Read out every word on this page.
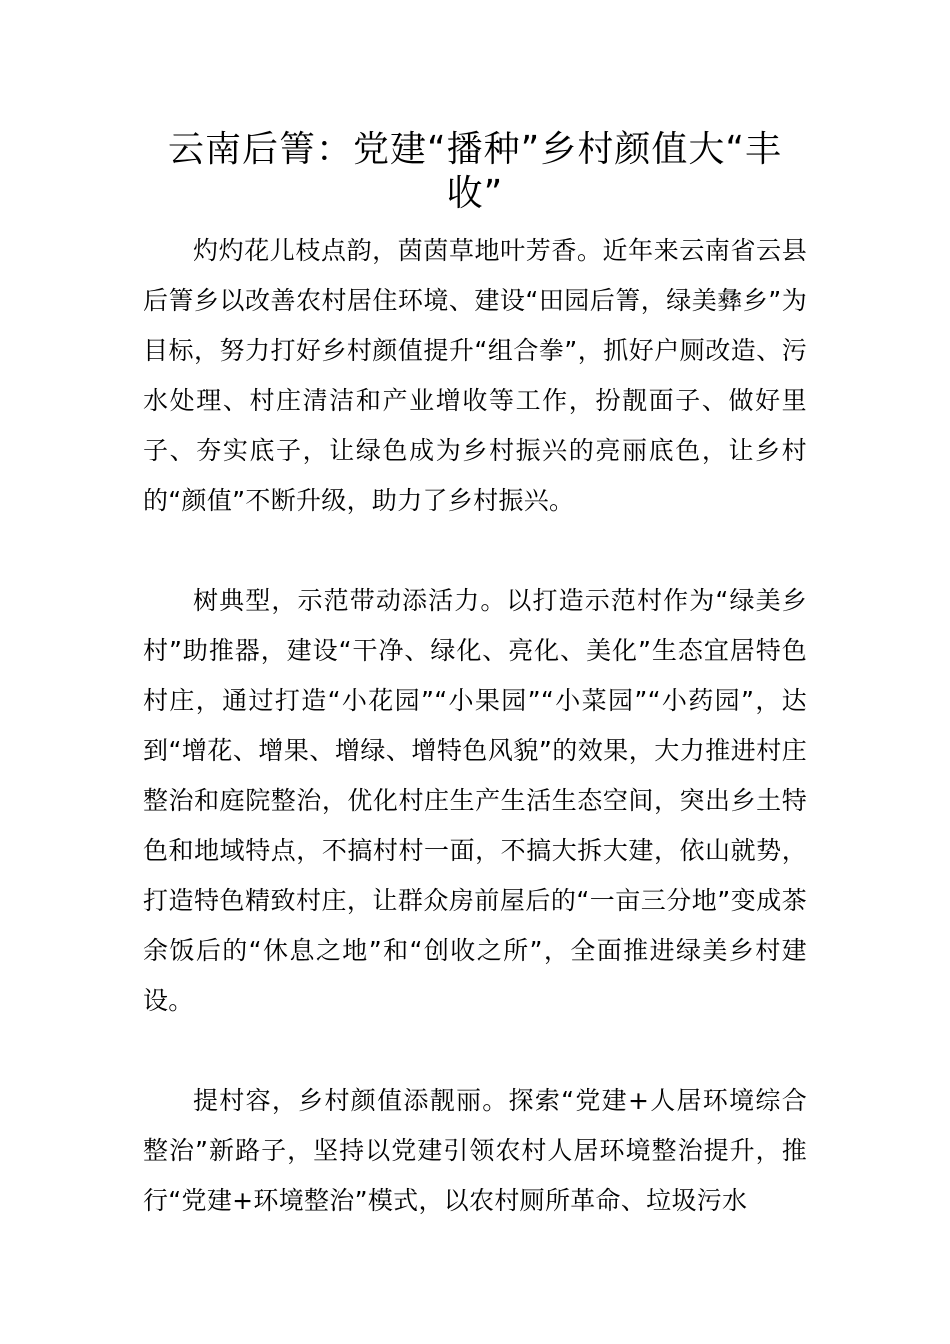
云南后箐：党建“播种”乡村颜值大“丰收”

灼灼花儿枝点韵，茵茵草地叶芳香。近年来云南省云县后箐乡以改善农村居住环境、建设“田园后箐，绿美彝乡”为目标，努力打好乡村颜值提升“组合拳”，抓好户厕改造、污水处理、村庄清洁和产业增收等工作，扮靓面子、做好里子、夯实底子，让绿色成为乡村振兴的亮丽底色，让乡村的“颜值”不断升级，助力了乡村振兴。

树典型，示范带动添活力。以打造示范村作为“绿美乡村”助推器，建设“干净、绿化、亮化、美化”生态宜居特色村庄，通过打造“小花园”“小果园”“小菜园”“小药园”，达到“增花、增果、增绿、增特色风貌”的效果，大力推进村庄整治和庭院整治，优化村庄生产生活生态空间，突出乡土特色和地域特点，不搞村村一面，不搞大拆大建，依山就势，打造特色精致村庄，让群众房前屋后的“一亩三分地”变成茶余饭后的“休息之地”和“创收之所”，全面推进绿美乡村建设。

提村容，乡村颜值添靓丽。探索“党建+人居环境综合整治”新路子，坚持以党建引领农村人居环境整治提升，推行“党建+环境整治”模式，以农村厕所革命、垃圾污水
